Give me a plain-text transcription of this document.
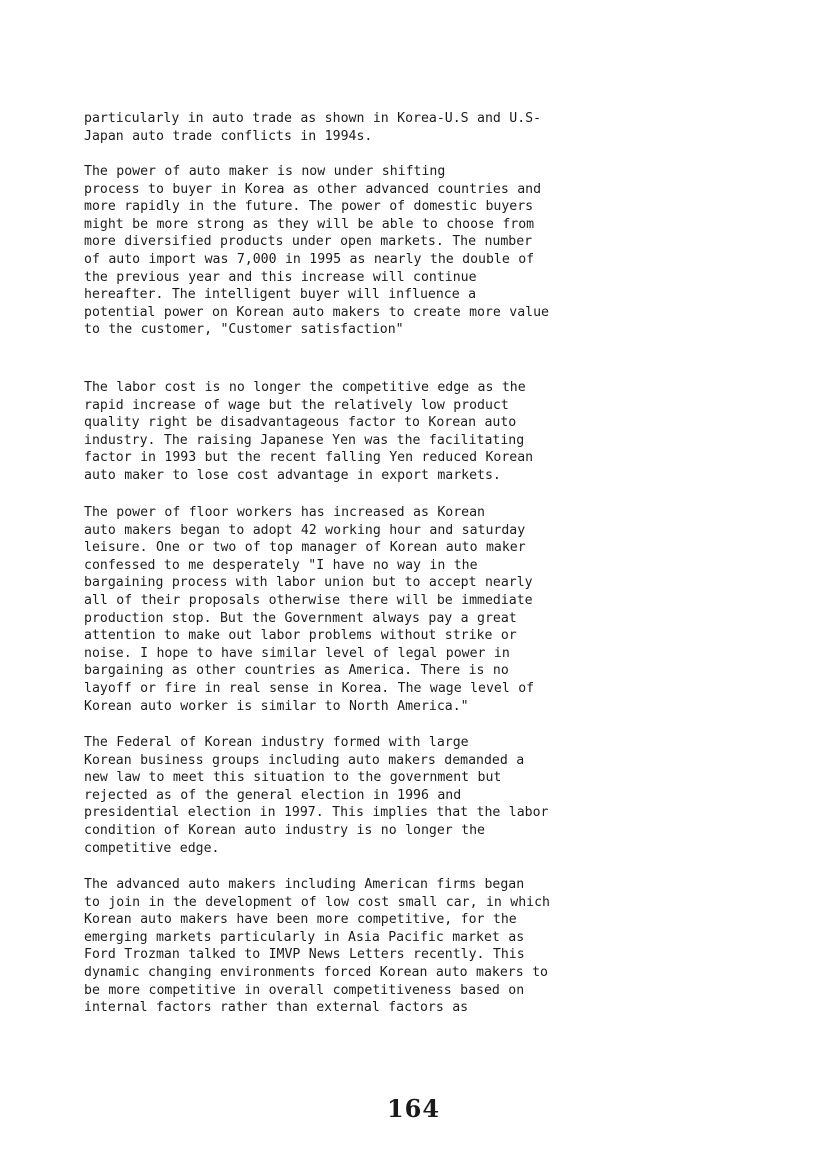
particularly in auto trade as shown in Korea-U.S and U.S-
Japan auto trade conflicts in 1994s.
The power of auto maker is now under shifting
process to buyer in Korea as other advanced countries and
more rapidly in the future. The power of domestic buyers
might be more strong as they will be able to choose from
more diversified products under open markets. The number
of auto import was 7,000 in 1995 as nearly the double of
the previous year and this increase will continue
hereafter. The intelligent buyer will influence a
potential power on Korean auto makers to create more value
to the customer, "Customer satisfaction"
The labor cost is no longer the competitive edge as the
rapid increase of wage but the relatively low product
quality right be disadvantageous factor to Korean auto
industry. The raising Japanese Yen was the facilitating
factor in 1993 but the recent falling Yen reduced Korean
auto maker to lose cost advantage in export markets.
The power of floor workers has increased as Korean
auto makers began to adopt 42 working hour and saturday
leisure. One or two of top manager of Korean auto maker
confessed to me desperately "I have no way in the
bargaining process with labor union but to accept nearly
all of their proposals otherwise there will be immediate
production stop. But the Government always pay a great
attention to make out labor problems without strike or
noise. I hope to have similar level of legal power in
bargaining as other countries as America. There is no
layoff or fire in real sense in Korea. The wage level of
Korean auto worker is similar to North America."
The Federal of Korean industry formed with large
Korean business groups including auto makers demanded a
new law to meet this situation to the government but
rejected as of the general election in 1996 and
presidential election in 1997. This implies that the labor
condition of Korean auto industry is no longer the
competitive edge.
The advanced auto makers including American firms began
to join in the development of low cost small car, in which
Korean auto makers have been more competitive, for the
emerging markets particularly in Asia Pacific market as
Ford Trozman talked to IMVP News Letters recently. This
dynamic changing environments forced Korean auto makers to
be more competitive in overall competitiveness based on
internal factors rather than external factors as
164
